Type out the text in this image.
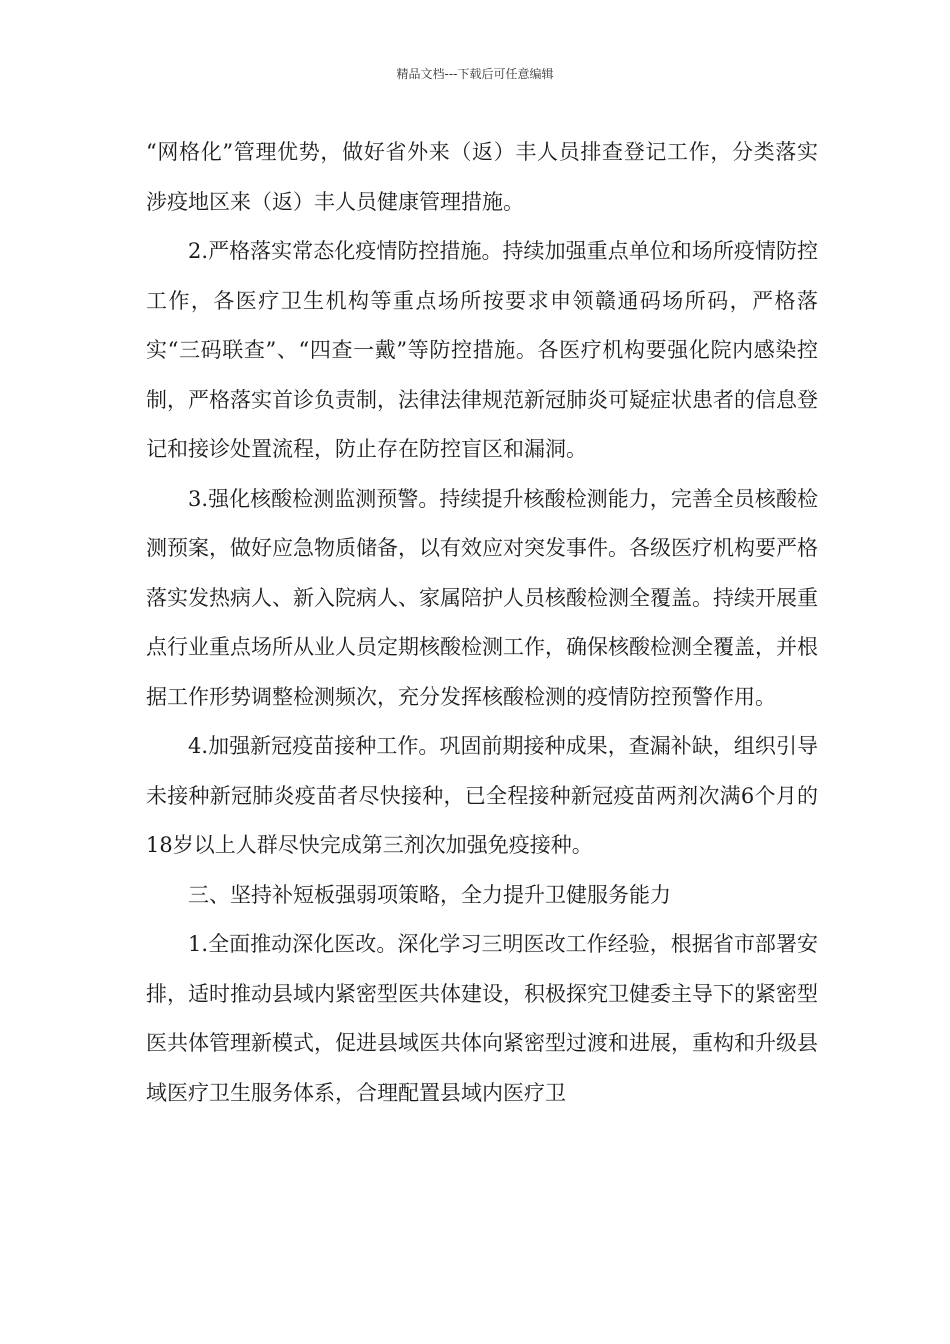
精品文档---下载后可任意编辑

“网格化”管理优势，做好省外来（返）丰人员排查登记工作，分类落实涉疫地区来（返）丰人员健康管理措施。

2.严格落实常态化疫情防控措施。持续加强重点单位和场所疫情防控工作，各医疗卫生机构等重点场所按要求申领赣通码场所码，严格落实“三码联查”、“四查一戴”等防控措施。各医疗机构要强化院内感染控制，严格落实首诊负责制，法律法律规范新冠肺炎可疑症状患者的信息登记和接诊处置流程，防止存在防控盲区和漏洞。

3.强化核酸检测监测预警。持续提升核酸检测能力，完善全员核酸检测预案，做好应急物质储备，以有效应对突发事件。各级医疗机构要严格落实发热病人、新入院病人、家属陪护人员核酸检测全覆盖。持续开展重点行业重点场所从业人员定期核酸检测工作，确保核酸检测全覆盖，并根据工作形势调整检测频次，充分发挥核酸检测的疫情防控预警作用。

4.加强新冠疫苗接种工作。巩固前期接种成果，查漏补缺，组织引导未接种新冠肺炎疫苗者尽快接种，已全程接种新冠疫苗两剂次满6个月的18岁以上人群尽快完成第三剂次加强免疫接种。

三、坚持补短板强弱项策略，全力提升卫健服务能力

1.全面推动深化医改。深化学习三明医改工作经验，根据省市部署安排，适时推动县域内紧密型医共体建设，积极探究卫健委主导下的紧密型医共体管理新模式，促进县域医共体向紧密型过渡和进展，重构和升级县域医疗卫生服务体系，合理配置县域内医疗卫
